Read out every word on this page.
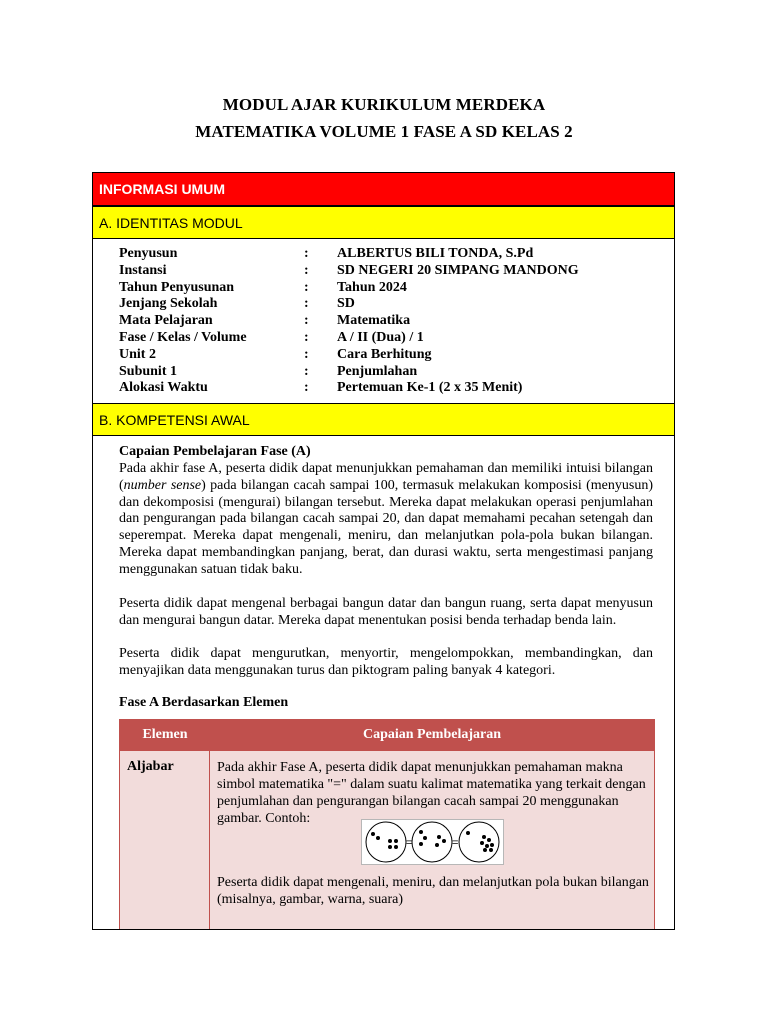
MODUL AJAR KURIKULUM MERDEKA
MATEMATIKA VOLUME 1 FASE A SD KELAS 2
INFORMASI UMUM
A. IDENTITAS MODUL
Penyusun	:	ALBERTUS BILI TONDA, S.Pd
Instansi	:	SD NEGERI 20 SIMPANG MANDONG
Tahun Penyusunan	:	Tahun 2024
Jenjang Sekolah	:	SD
Mata Pelajaran	:	Matematika
Fase / Kelas / Volume	:	A / II (Dua) / 1
Unit 2	:	Cara Berhitung
Subunit 1	:	Penjumlahan
Alokasi Waktu	:	Pertemuan Ke-1 (2 x 35 Menit)
B. KOMPETENSI AWAL
Capaian Pembelajaran Fase (A)
Pada akhir fase A, peserta didik dapat menunjukkan pemahaman dan memiliki intuisi bilangan (number sense) pada bilangan cacah sampai 100, termasuk melakukan komposisi (menyusun) dan dekomposisi (mengurai) bilangan tersebut. Mereka dapat melakukan operasi penjumlahan dan pengurangan pada bilangan cacah sampai 20, dan dapat memahami pecahan setengah dan seperempat. Mereka dapat mengenali, meniru, dan melanjutkan pola-pola bukan bilangan. Mereka dapat membandingkan panjang, berat, dan durasi waktu, serta mengestimasi panjang menggunakan satuan tidak baku.
Peserta didik dapat mengenal berbagai bangun datar dan bangun ruang, serta dapat menyusun dan mengurai bangun datar. Mereka dapat menentukan posisi benda terhadap benda lain.
Peserta didik dapat mengurutkan, menyortir, mengelompokkan, membandingkan, dan menyajikan data menggunakan turus dan piktogram paling banyak 4 kategori.
Fase A Berdasarkan Elemen
Elemen	Capaian Pembelajaran
Aljabar	Pada akhir Fase A, peserta didik dapat menunjukkan pemahaman makna simbol matematika "=" dalam suatu kalimat matematika yang terkait dengan penjumlahan dan pengurangan bilangan cacah sampai 20 menggunakan gambar. Contoh:
=	=
Peserta didik dapat mengenali, meniru, dan melanjutkan pola bukan bilangan (misalnya, gambar, warna, suara)
